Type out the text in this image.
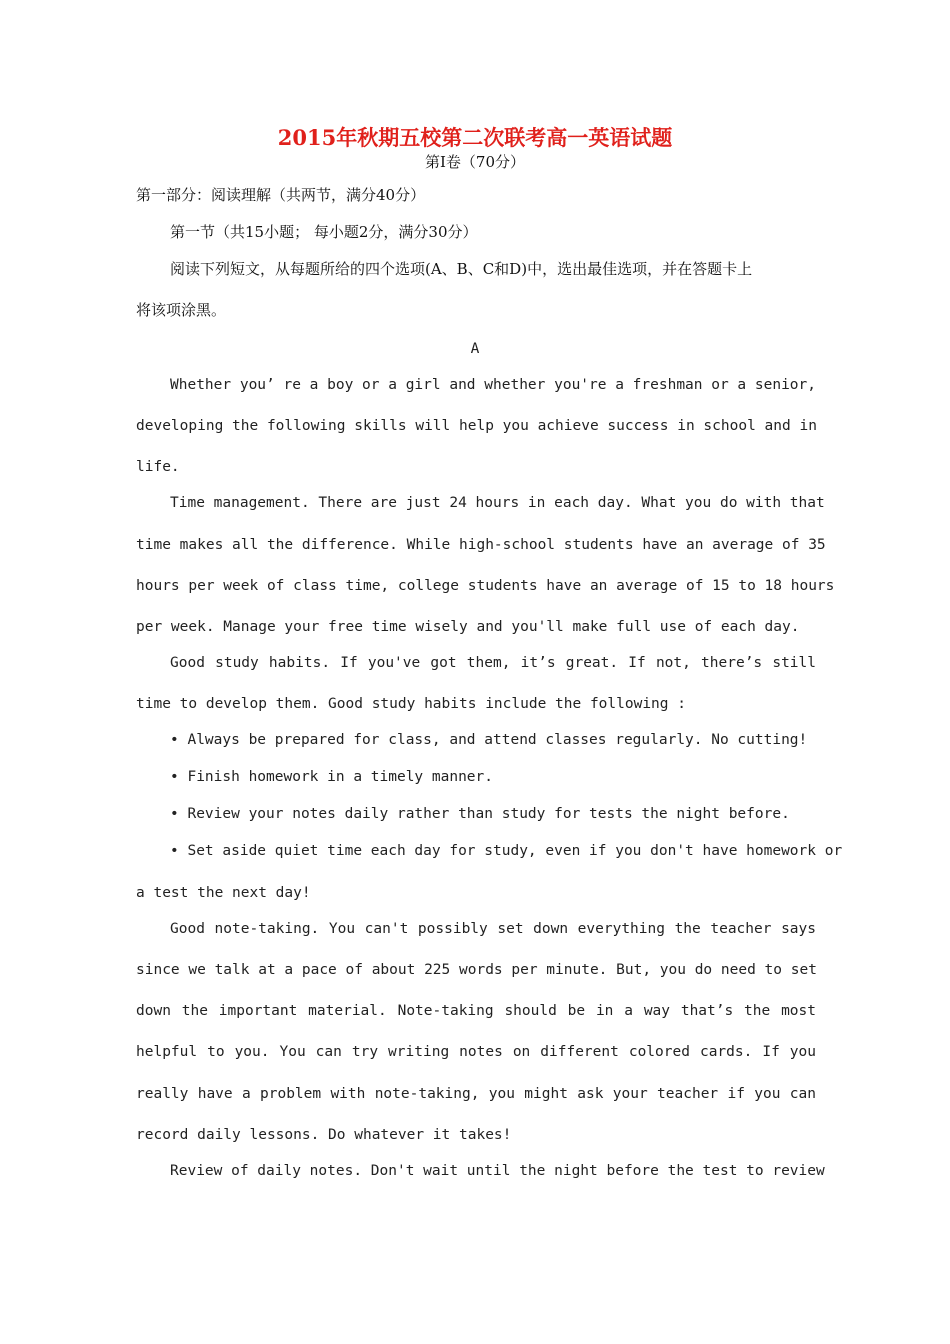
2015年秋期五校第二次联考高一英语试题
第Ⅰ卷（70分）
第一部分：阅读理解（共两节，满分40分）
第一节（共15小题； 每小题2分，满分30分）
阅读下列短文，从每题所给的四个选项(A、B、C和D)中，选出最佳选项，并在答题卡上
将该项涂黑。
A
Whether you’ re a boy or a girl and whether you're a freshman or a senior,
developing the following skills will help you achieve success in school and in
life.
Time management. There are just 24 hours in each day. What you do with that
time makes all the difference. While high-school students have an average of 35
hours per week of class time, college students have an average of 15 to 18 hours
per week. Manage your free time wisely and you'll make full use of each day.
Good study habits. If you've got them, it’s great. If not, there’s still
time to develop them. Good study habits include the following :
• Always be prepared for class, and attend classes regularly. No cutting!
• Finish homework in a timely manner.
• Review your notes daily rather than study for tests the night before.
• Set aside quiet time each day for study, even if you don't have homework or
a test the next day!
Good note-taking. You can't possibly set down everything the teacher says
since we talk at a pace of about 225 words per minute. But, you do need to set
down the important material. Note-taking should be in a way that’s the most
helpful to you. You can try writing notes on different colored cards. If you
really have a problem with note-taking, you might ask your teacher if you can
record daily lessons. Do whatever it takes!
Review of daily notes. Don't wait until the night before the test to review
